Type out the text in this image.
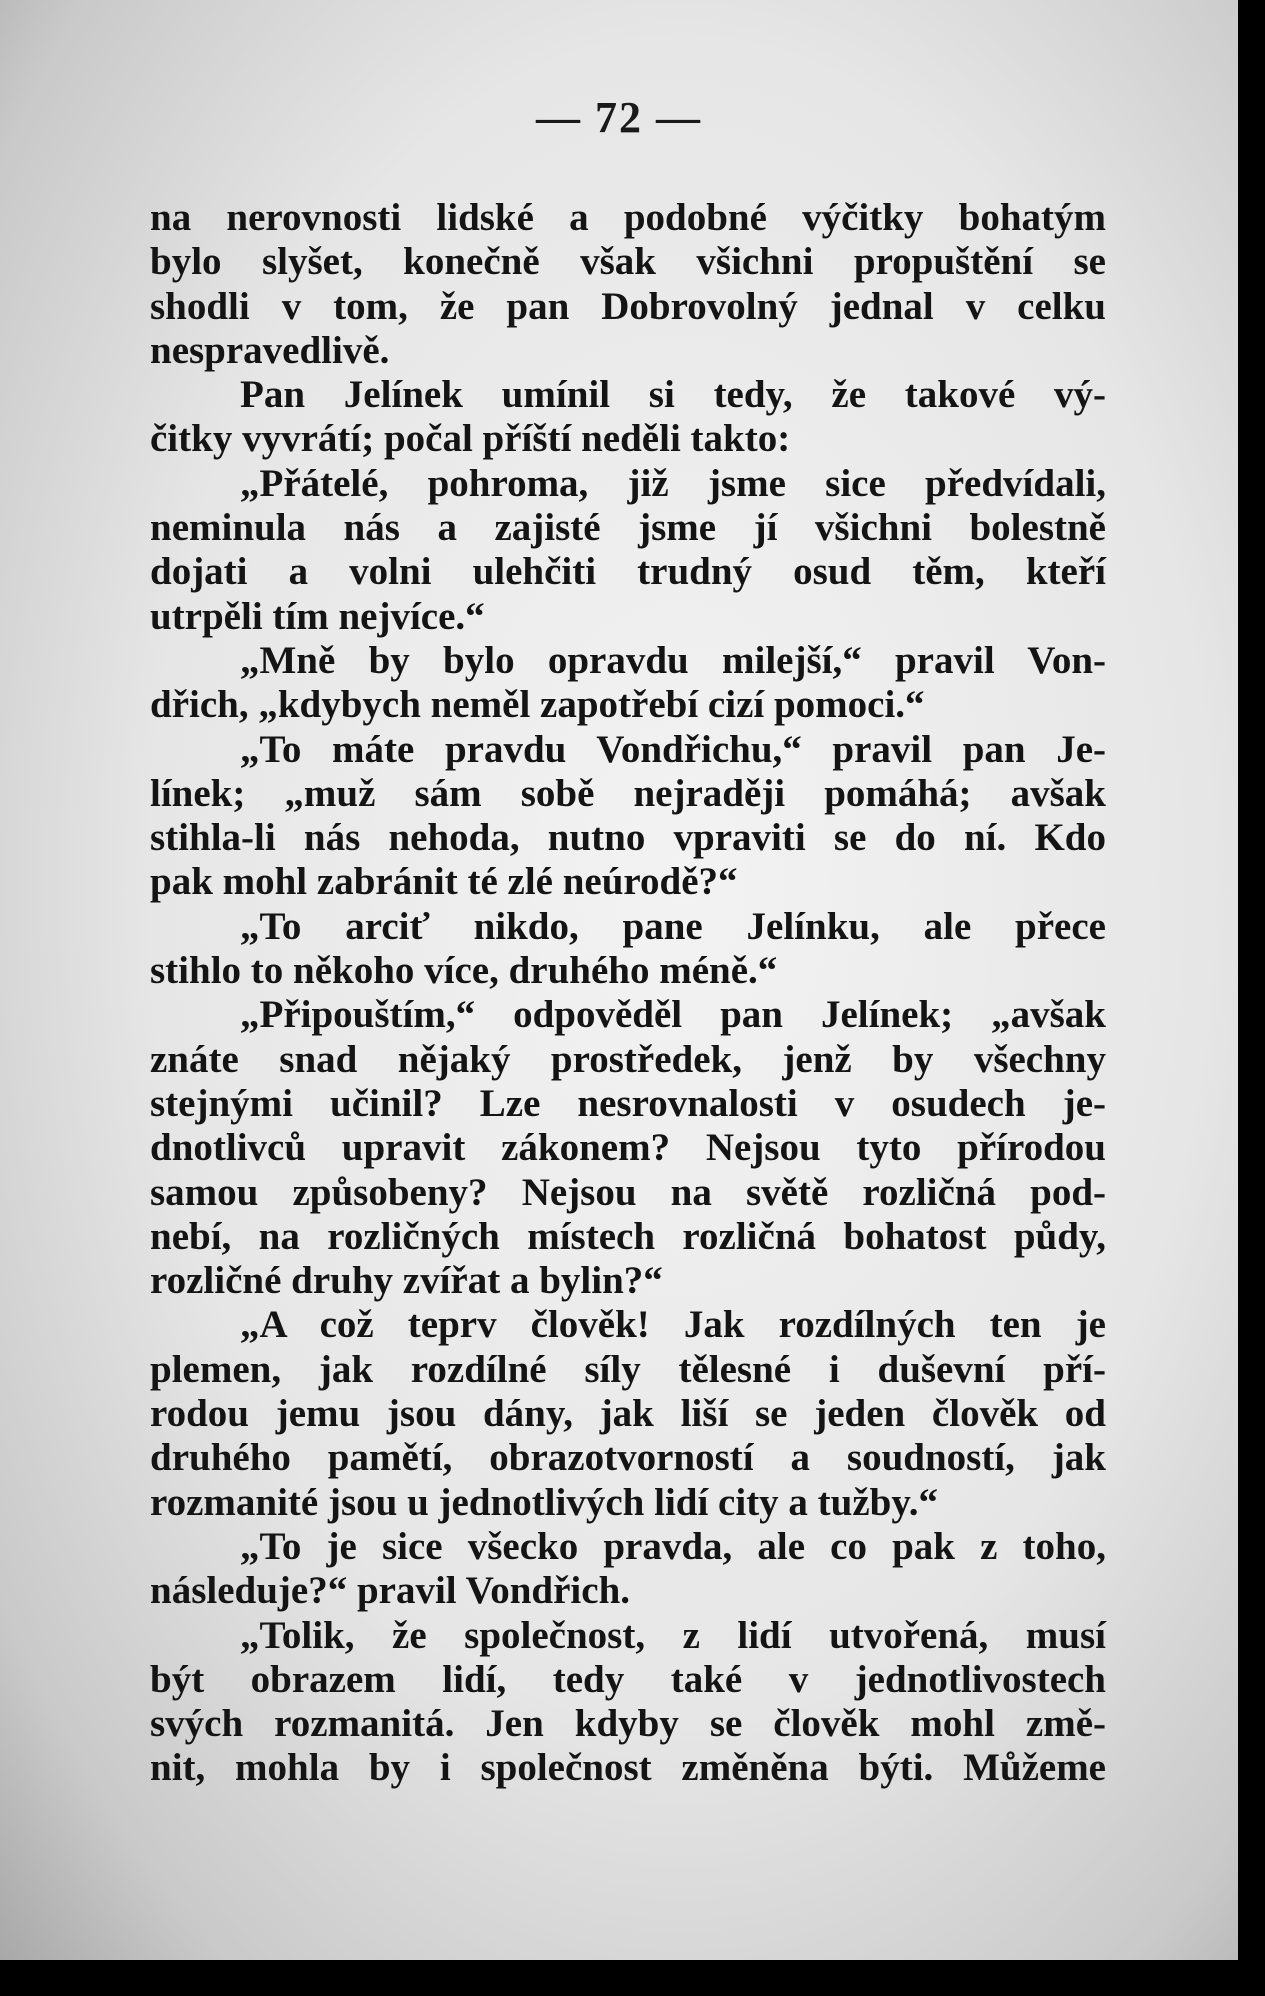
— 72 —
na nerovnosti lidské a podobné výčitky bohatým
bylo slyšet, konečně však všichni propuštění se
shodli v tom, že pan Dobrovolný jednal v celku
nespravedlivě.
Pan Jelínek umínil si tedy, že takové vý-
čitky vyvrátí; počal příští neděli takto:
„Přátelé, pohroma, již jsme sice předvídali,
neminula nás a zajisté jsme jí všichni bolestně
dojati a volni ulehčiti trudný osud těm, kteří
utrpěli tím nejvíce.“
„Mně by bylo opravdu milejší,“ pravil Von-
dřich, „kdybych neměl zapotřebí cizí pomoci.“
„To máte pravdu Vondřichu,“ pravil pan Je-
línek; „muž sám sobě nejraději pomáhá; avšak
stihla-li nás nehoda, nutno vpraviti se do ní. Kdo
pak mohl zabránit té zlé neúrodě?“
„To arciť nikdo, pane Jelínku, ale přece
stihlo to někoho více, druhého méně.“
„Připouštím,“ odpověděl pan Jelínek; „avšak
znáte snad nějaký prostředek, jenž by všechny
stejnými učinil? Lze nesrovnalosti v osudech je-
dnotlivců upravit zákonem? Nejsou tyto přírodou
samou způsobeny? Nejsou na světě rozličná pod-
nebí, na rozličných místech rozličná bohatost půdy,
rozličné druhy zvířat a bylin?“
„A což teprv člověk! Jak rozdílných ten je
plemen, jak rozdílné síly tělesné i duševní pří-
rodou jemu jsou dány, jak liší se jeden člověk od
druhého pamětí, obrazotvorností a soudností, jak
rozmanité jsou u jednotlivých lidí city a tužby.“
„To je sice všecko pravda, ale co pak z toho,
následuje?“ pravil Vondřich.
„Tolik, že společnost, z lidí utvořená, musí
být obrazem lidí, tedy také v jednotlivostech
svých rozmanitá. Jen kdyby se člověk mohl změ-
nit, mohla by i společnost změněna býti. Můžeme
